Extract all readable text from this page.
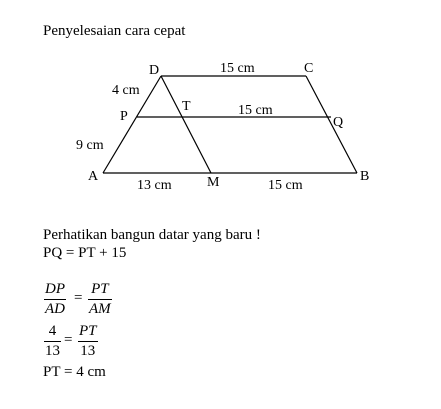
Penyelesaian cara cepat
D	C
P
T
Q
A	M	B
15 cm
4 cm
9 cm
15 cm
13 cm	15 cm
Perhatikan bangun datar yang baru !
PQ = PT + 15
DP
AD
=
PT
AM
4
13
=
PT
13
PT = 4 cm
